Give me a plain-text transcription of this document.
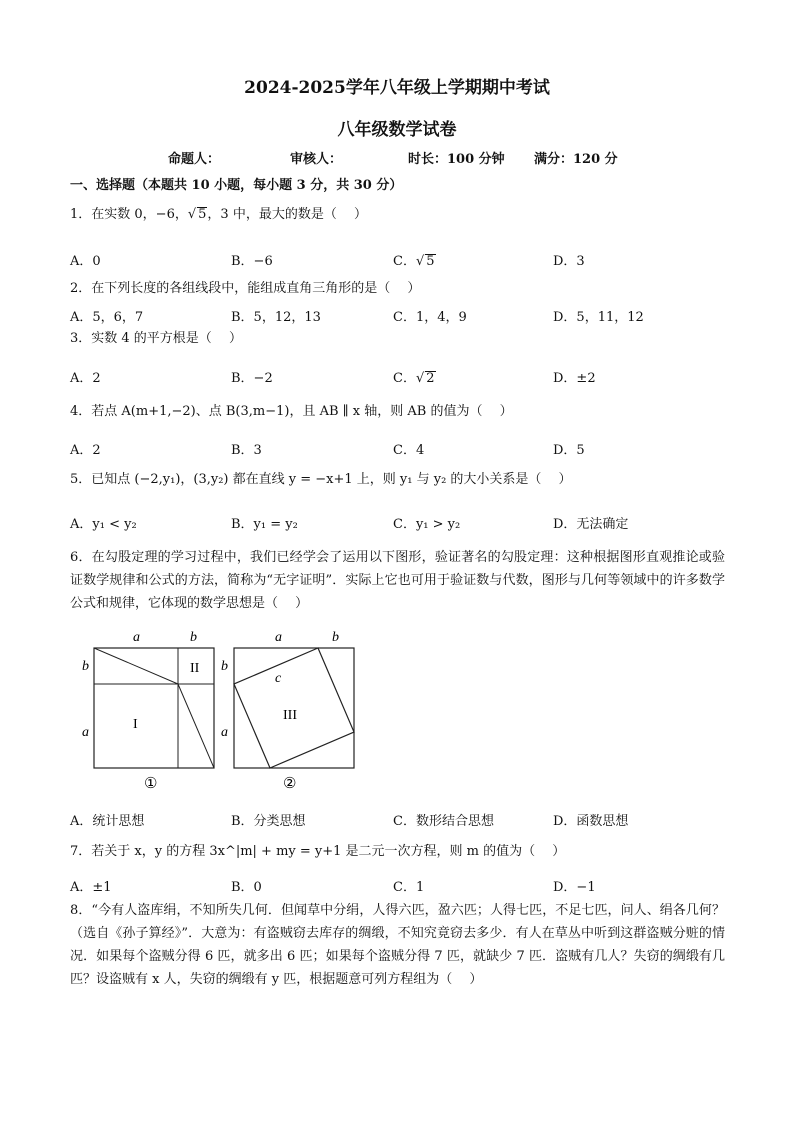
2024-2025学年八年级上学期期中考试
八年级数学试卷
命题人：	审核人：	时长：100 分钟 满分：120 分
一、选择题（本题共 10 小题，每小题 3 分，共 30 分）
1．在实数 0，−6，√ 5，3 中，最大的数是（　 ）
A．0	B．−6	C．√ 5	D．3
2．在下列长度的各组线段中，能组成直角三角形的是（　 ）
A．5，6，7	B．5，12，13	C．1，4，9	D．5，11，12
3．实数 4 的平方根是（　 ）
A．2	B．−2	C．√ 2	D．±2
4．若点 A(m+1,−2)、点 B(3,m−1)，且 AB ∥ x 轴，则 AB 的值为（　 ）
A．2	B．3	C．4	D．5
5．已知点 (−2,y₁)，(3,y₂) 都在直线 y = −x+1 上，则 y₁ 与 y₂ 的大小关系是（　 ）
A．y₁ < y₂	B．y₁ = y₂	C．y₁ > y₂	D．无法确定
6．在勾股定理的学习过程中，我们已经学会了运用以下图形，验证著名的勾股定理：这种根据图形直观推论或验证数学规律和公式的方法，简称为“无字证明”．实际上它也可用于验证数与代数，图形与几何等领域中的许多数学公式和规律，它体现的数学思想是（　 ）
a	b
b
a
II
I
①
a	b
b
a
c
III
②
A．统计思想	B．分类思想	C．数形结合思想	D．函数思想
7．若关于 x，y 的方程 3x^|m| + my = y+1 是二元一次方程，则 m 的值为（　 ）
A．±1	B．0	C．1	D．−1
8．“今有人盗库绢，不知所失几何．但闻草中分绢，人得六匹，盈六匹；人得七匹，不足七匹，问人、绢各几何？（选自《孙子算经》”．大意为：有盗贼窃去库存的绸缎，不知究竟窃去多少．有人在草丛中听到这群盗贼分赃的情况．如果每个盗贼分得 6 匹，就多出 6 匹；如果每个盗贼分得 7 匹，就缺少 7 匹．盗贼有几人？失窃的绸缎有几匹？设盗贼有 x 人，失窃的绸缎有 y 匹，根据题意可列方程组为（　 ）
